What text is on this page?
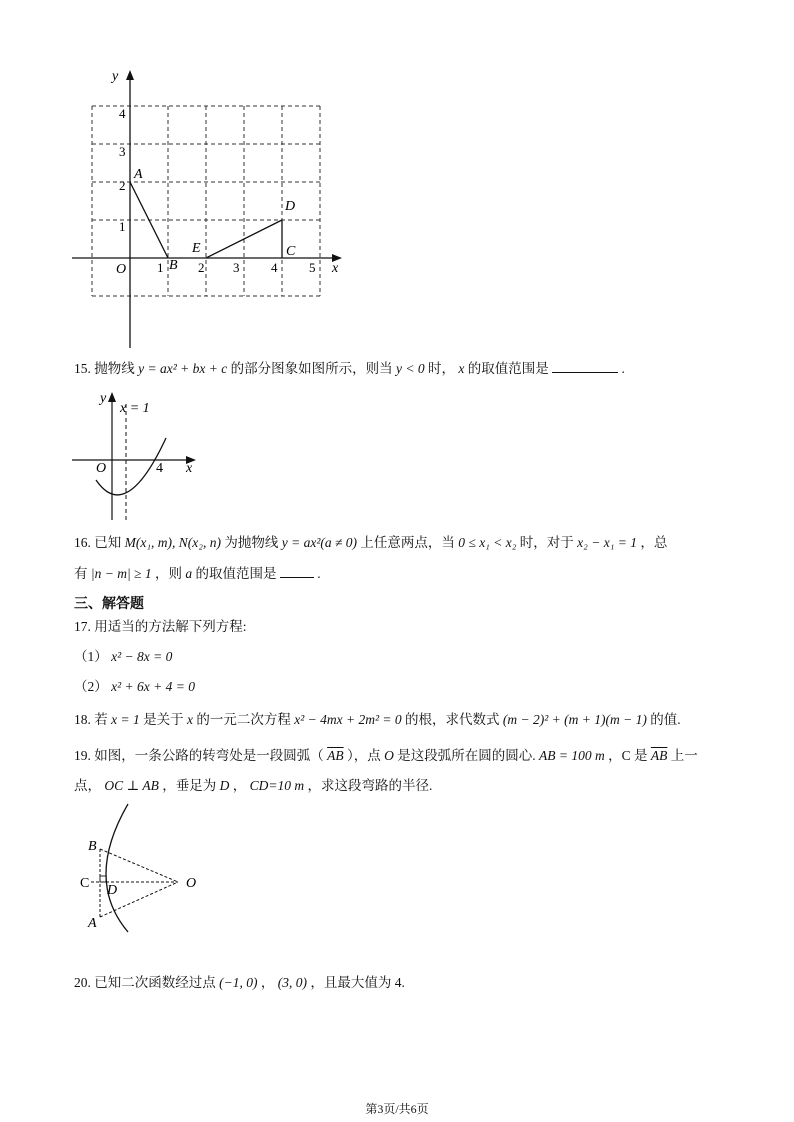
y
x
O 1	2 3 4 5
1
2
3
4
A
B
C
D
E
15. 抛物线 y = ax² + bx + c 的部分图象如图所示，则当 y < 0 时， x 的取值范围是	.
y
x = 1
O	4 x
16. 已知 M(x₁, m), N(x₂, n) 为抛物线 y = ax²(a ≠ 0) 上任意两点，当 0 ≤ x₁ < x₂ 时，对于 x₂ − x₁ = 1 ，总
有 |n − m| ≥ 1 ，则 a 的取值范围是	.
三、解答题
17. 用适当的方法解下列方程:
（1） x² − 8x = 0
（2） x² + 6x + 4 = 0
18. 若 x = 1 是关于 x 的一元二次方程 x² − 4mx + 2m² = 0 的根，求代数式 (m − 2)² + (m + 1)(m − 1) 的值.
19. 如图，一条公路的转弯处是一段圆弧（ $\overline{AB}$ ），点 O 是这段弧所在圆的圆心. AB = 100 m ，C 是 $\overline{AB}$ 上一
点， OC ⊥ AB ，垂足为 D ， CD=10 m ，求这段弯路的半径.
B
C D	O
A
20. 已知二次函数经过点 (−1, 0) ， (3, 0) ，且最大值为 4.
第3页/共6页
